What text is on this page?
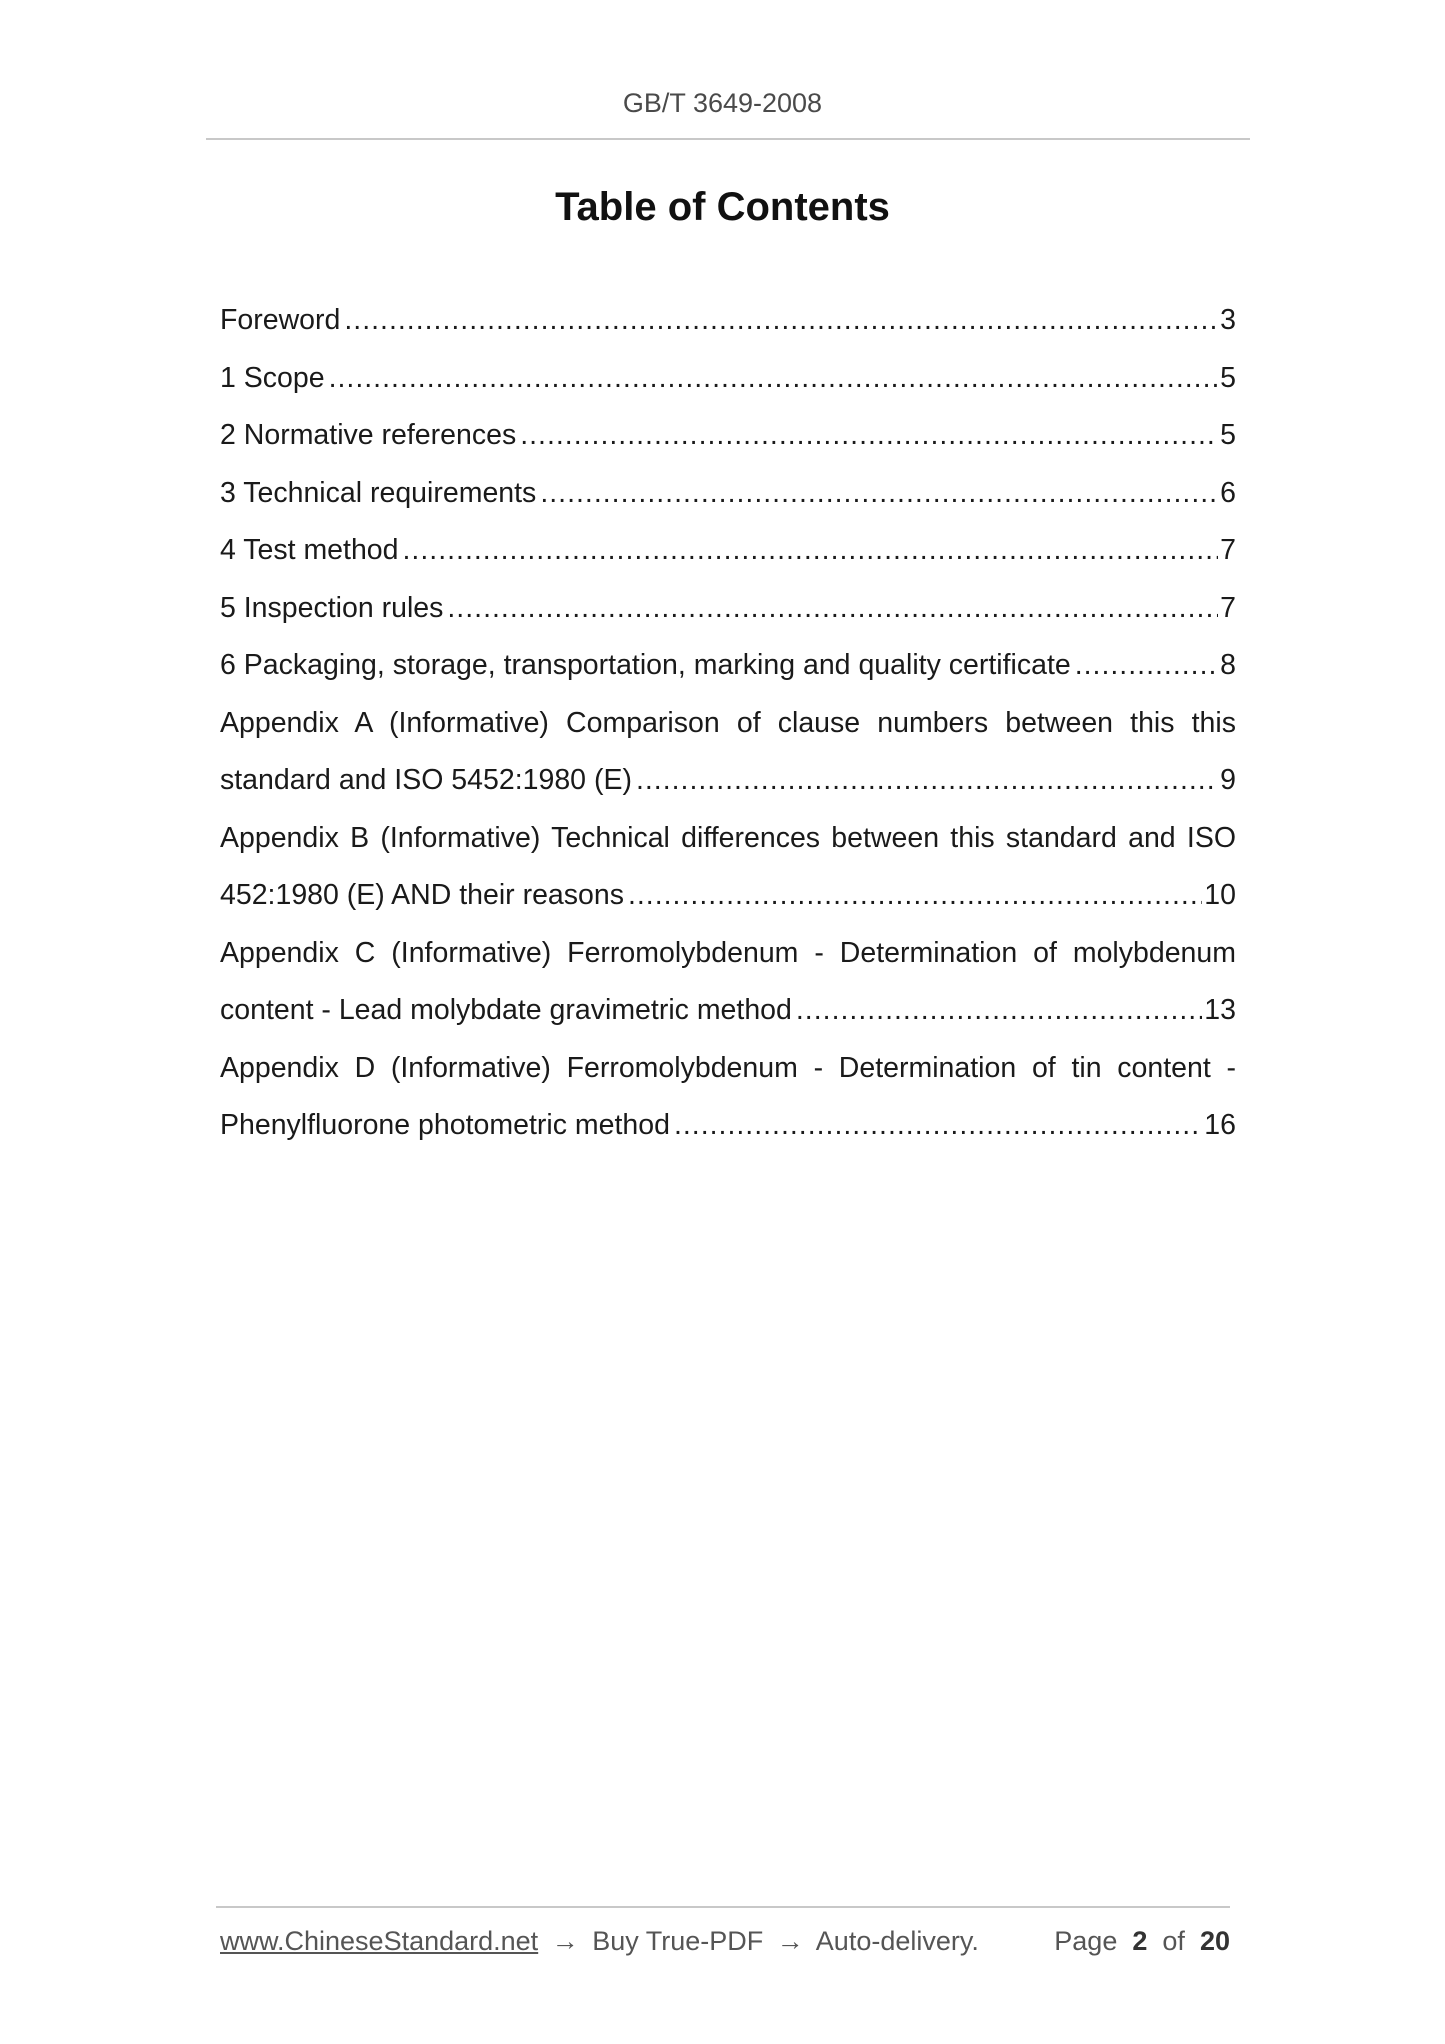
GB/T 3649-2008
Table of Contents
Foreword .....	3
1 Scope .....	5
2 Normative references .....	5
3 Technical requirements .....	6
4 Test method .....	7
5 Inspection rules .....	7
6 Packaging, storage, transportation, marking and quality certificate .....	8
Appendix A (Informative) Comparison of clause numbers between this this
standard and ISO 5452:1980 (E) .....	9
Appendix B (Informative) Technical differences between this standard and ISO
452:1980 (E) AND their reasons .....	10
Appendix C (Informative) Ferromolybdenum - Determination of molybdenum
content - Lead molybdate gravimetric method .....	13
Appendix D (Informative) Ferromolybdenum - Determination of tin content -
Phenylfluorone photometric method .....	16
www.ChineseStandard.net → Buy True-PDF → Auto-delivery.	Page 2 of 20
